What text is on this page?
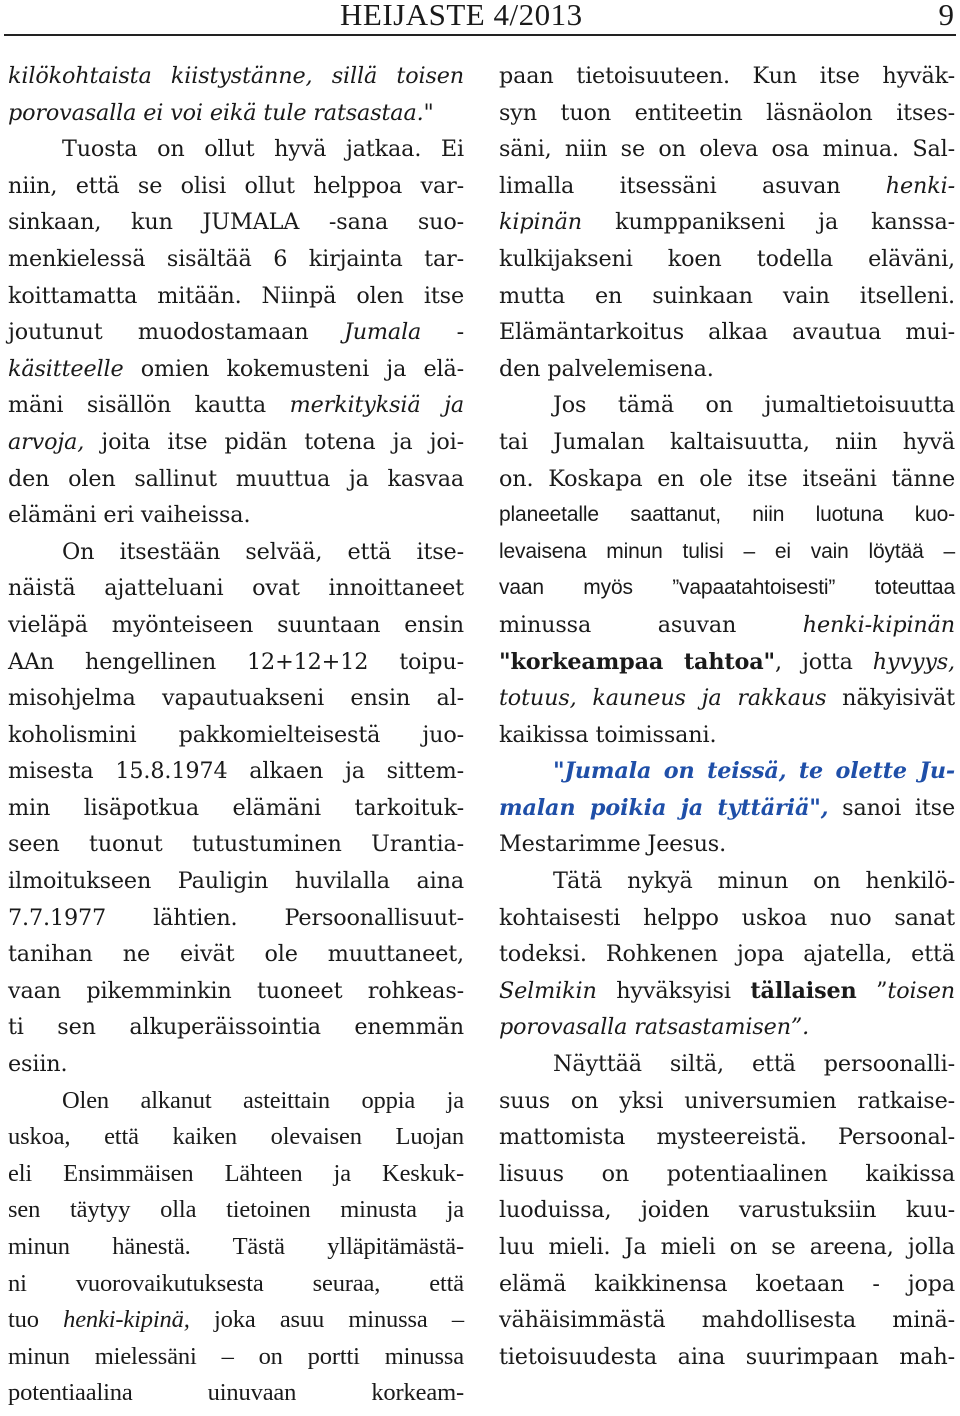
HEIJASTE 4/2013	9
kilökohtaista kiistystänne, sillä toisen
porovasalla ei voi eikä tule ratsastaa."
Tuosta on ollut hyvä jatkaa. Ei
niin, että se olisi ollut helppoa var-
sinkaan, kun JUMALA -sana suo-
menkielessä sisältää 6 kirjainta tar-
koittamatta mitään. Niinpä olen itse
joutunut muodostamaan Jumala -
käsitteelle omien kokemusteni ja elä-
mäni sisällön kautta merkityksiä ja
arvoja, joita itse pidän totena ja joi-
den olen sallinut muuttua ja kasvaa
elämäni eri vaiheissa.
On itsestään selvää, että itse-
näistä ajatteluani ovat innoittaneet
vieläpä myönteiseen suuntaan ensin
AAn hengellinen 12+12+12 toipu-
misohjelma vapautuakseni ensin al-
koholismini pakkomielteisestä juo-
misesta 15.8.1974 alkaen ja sittem-
min lisäpotkua elämäni tarkoituk-
seen tuonut tutustuminen Urantia-
ilmoitukseen Pauligin huvilalla aina
7.7.1977 lähtien. Persoonallisuut-
tanihan ne eivät ole muuttaneet,
vaan pikemminkin tuoneet rohkeas-
ti sen alkuperäissointia enemmän
esiin.
Olen alkanut asteittain oppia ja
uskoa, että kaiken olevaisen Luojan
eli Ensimmäisen Lähteen ja Keskuk-
sen täytyy olla tietoinen minusta ja
minun hänestä. Tästä ylläpitämästä-
ni vuorovaikutuksesta seuraa, että
tuo henki-kipinä, joka asuu minussa –
minun mielessäni – on portti minussa
potentiaalina uinuvaan korkeam-
paan tietoisuuteen. Kun itse hyväk-
syn tuon entiteetin läsnäolon itses-
säni, niin se on oleva osa minua. Sal-
limalla itsessäni asuvan henki-
kipinän kumppanikseni ja kanssa-
kulkijakseni koen todella eläväni,
mutta en suinkaan vain itselleni.
Elämäntarkoitus alkaa avautua mui-
den palvelemisena.
Jos tämä on jumaltietoisuutta
tai Jumalan kaltaisuutta, niin hyvä
on. Koskapa en ole itse itseäni tänne
planeetalle saattanut, niin luotuna kuo-
levaisena minun tulisi – ei vain löytää –
vaan myös ”vapaatahtoisesti” toteuttaa
minussa asuvan henki-kipinän
"korkeampaa tahtoa", jotta hyvyys,
totuus, kauneus ja rakkaus näkyisivät
kaikissa toimissani.
"Jumala on teissä, te olette Ju-
malan poikia ja tyttäriä", sanoi itse
Mestarimme Jeesus.
Tätä nykyä minun on henkilö-
kohtaisesti helppo uskoa nuo sanat
todeksi. Rohkenen jopa ajatella, että
Selmikin hyväksyisi tällaisen ”toisen
porovasalla ratsastamisen”.
Näyttää siltä, että persoonalli-
suus on yksi universumien ratkaise-
mattomista mysteereistä. Persoonal-
lisuus on potentiaalinen kaikissa
luoduissa, joiden varustuksiin kuu-
luu mieli. Ja mieli on se areena, jolla
elämä kaikkinensa koetaan - jopa
vähäisimmästä mahdollisesta minä-
tietoisuudesta aina suurimpaan mah-
